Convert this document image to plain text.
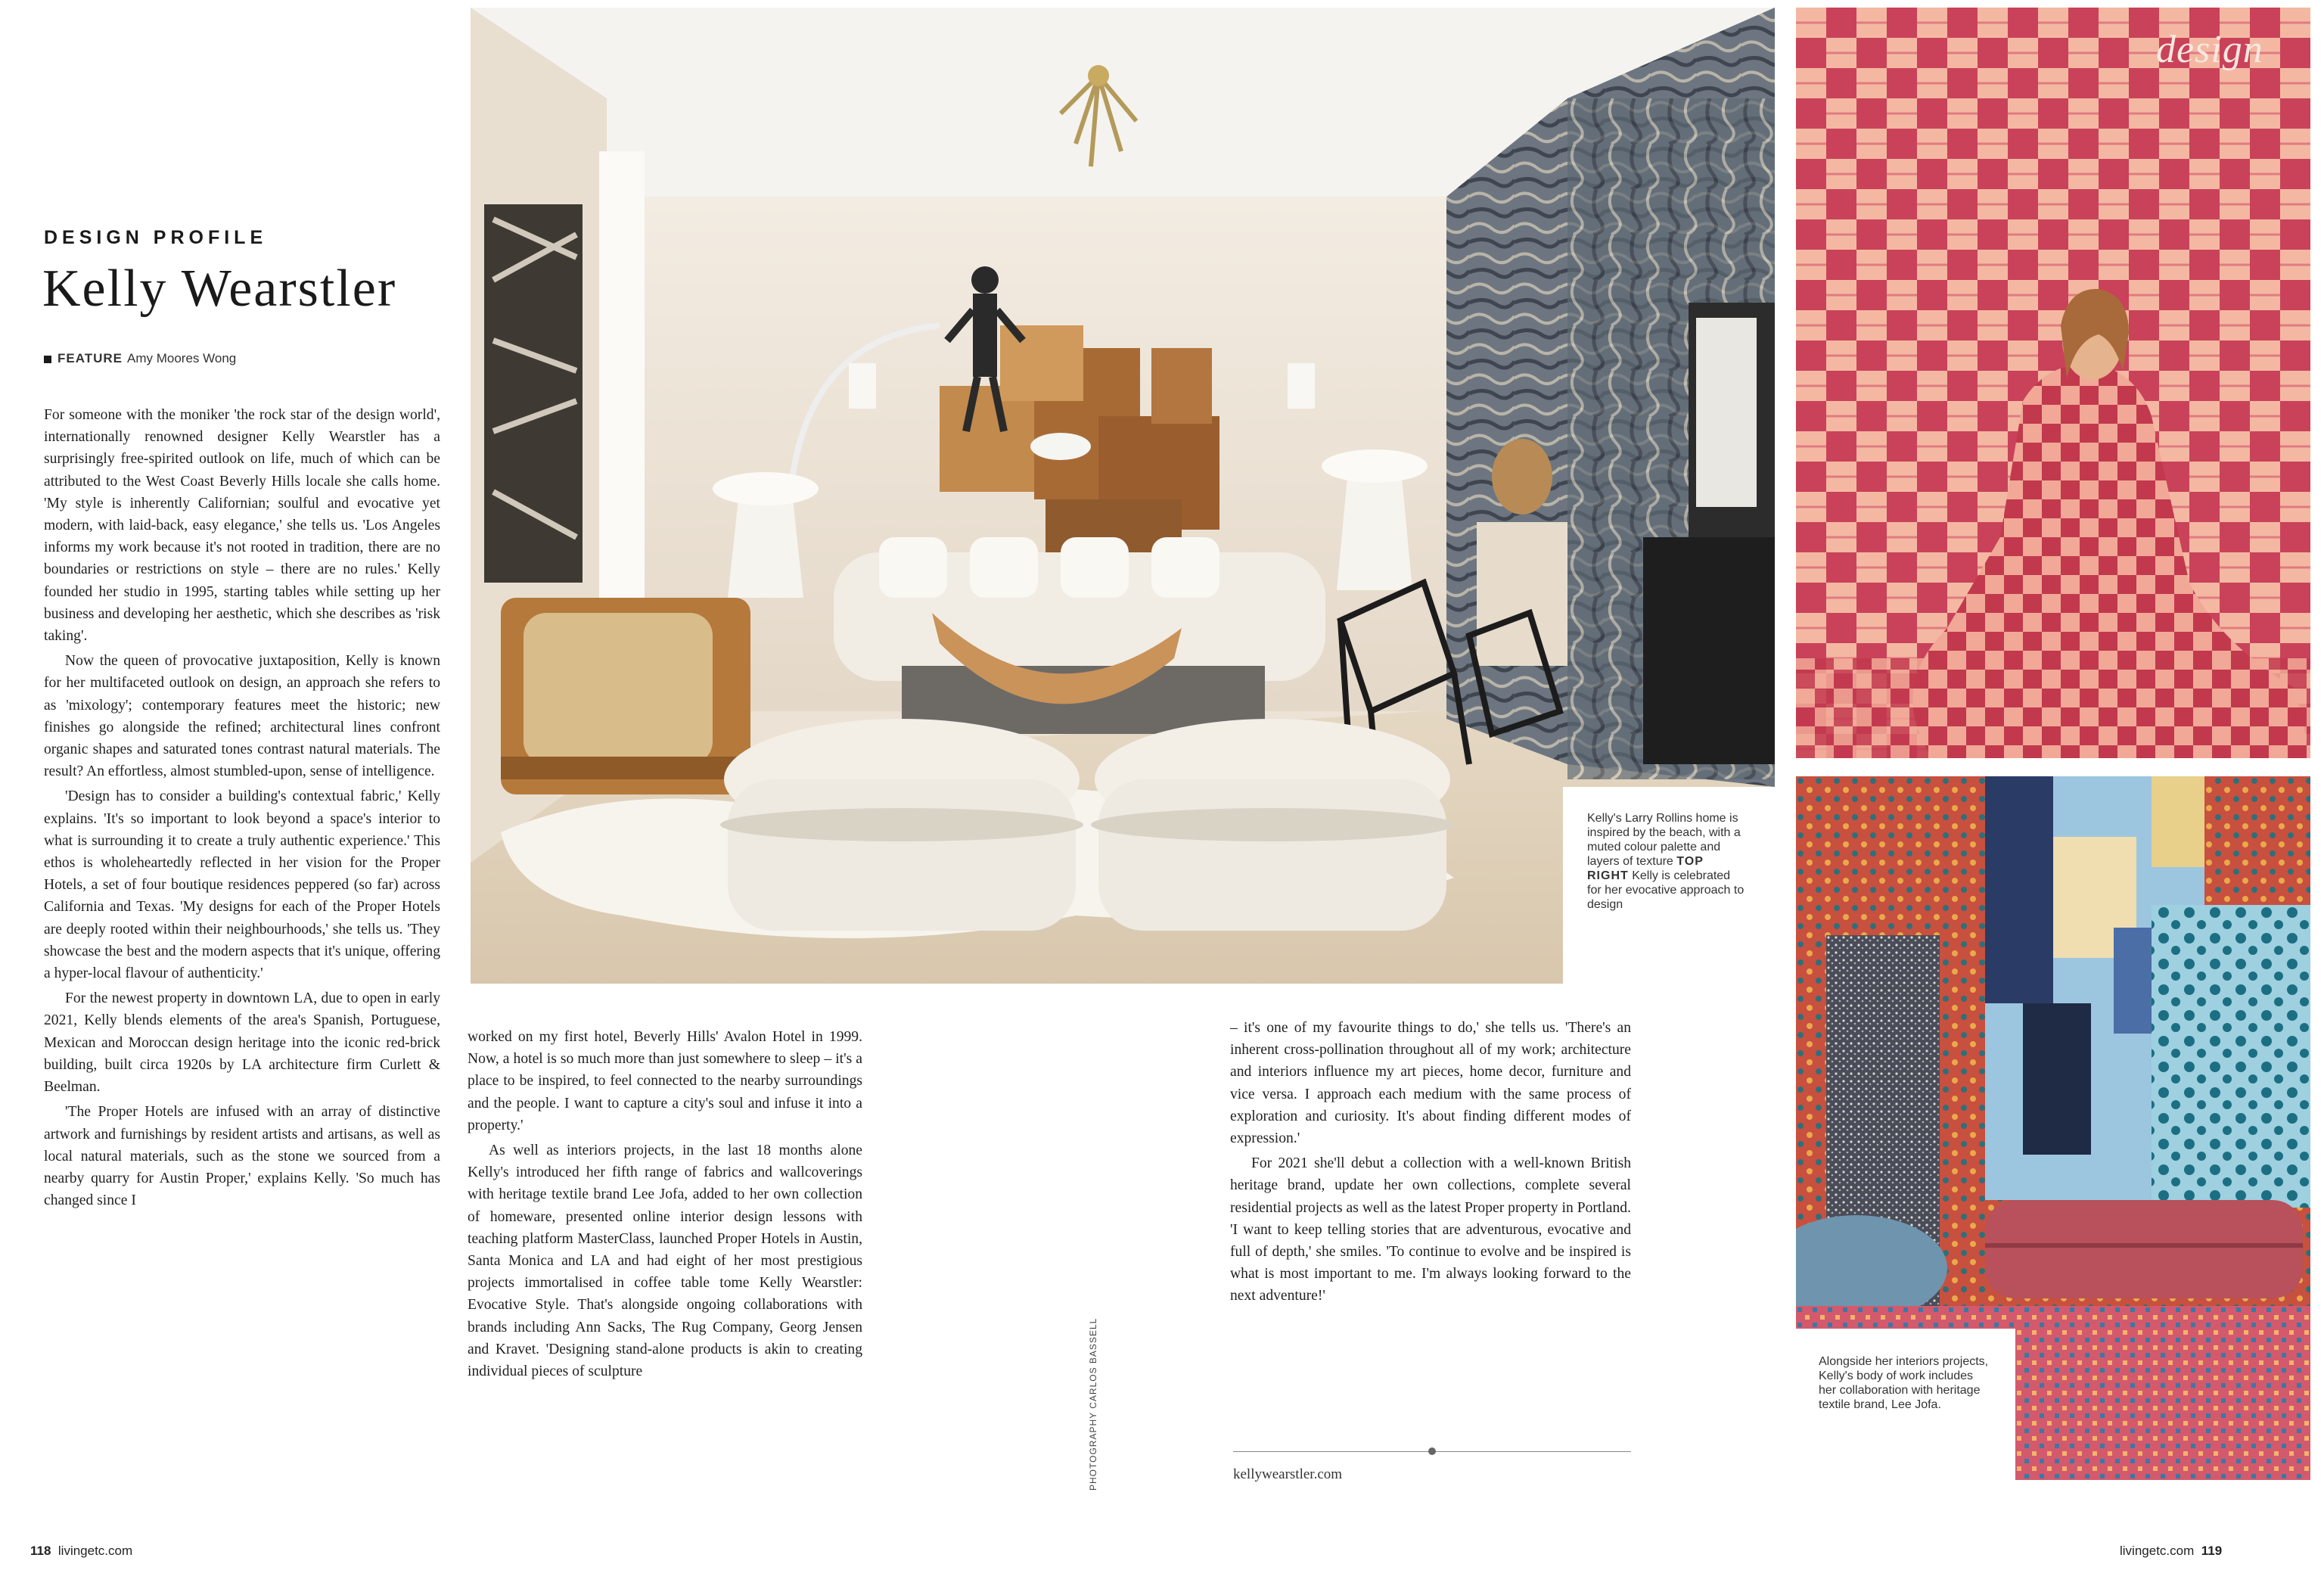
DESIGN PROFILE
Kelly Wearstler
FEATURE Amy Moores Wong

For someone with the moniker 'the rock star of the design world', internationally renowned designer Kelly Wearstler has a surprisingly free-spirited outlook on life, much of which can be attributed to the West Coast Beverly Hills locale she calls home. 'My style is inherently Californian; soulful and evocative yet modern, with laid-back, easy elegance,' she tells us. 'Los Angeles informs my work because it's not rooted in tradition, there are no boundaries or restrictions on style – there are no rules.' Kelly founded her studio in 1995, starting tables while setting up her business and developing her aesthetic, which she describes as 'risk taking'.

Now the queen of provocative juxtaposition, Kelly is known for her multifaceted outlook on design, an approach she refers to as 'mixology'; contemporary features meet the historic; new finishes go alongside the refined; architectural lines confront organic shapes and saturated tones contrast natural materials. The result? An effortless, almost stumbled-upon, sense of intelligence.

'Design has to consider a building's contextual fabric,' Kelly explains. 'It's so important to look beyond a space's interior to what is surrounding it to create a truly authentic experience.' This ethos is wholeheartedly reflected in her vision for the Proper Hotels, a set of four boutique residences peppered (so far) across California and Texas. 'My designs for each of the Proper Hotels are deeply rooted within their neighbourhoods,' she tells us. 'They showcase the best and the modern aspects that it's unique, offering a hyper-local flavour of authenticity.'

For the newest property in downtown LA, due to open in early 2021, Kelly blends elements of the area's Spanish, Portuguese, Mexican and Moroccan design heritage into the iconic red-brick building, built circa 1920s by LA architecture firm Curlett & Beelman.

'The Proper Hotels are infused with an array of distinctive artwork and furnishings by resident artists and artisans, as well as local natural materials, such as the stone we sourced from a nearby quarry for Austin Proper,' explains Kelly. 'So much has changed since I

worked on my first hotel, Beverly Hills' Avalon Hotel in 1999. Now, a hotel is so much more than just somewhere to sleep – it's a place to be inspired, to feel connected to the nearby surroundings and the people. I want to capture a city's soul and infuse it into a property.'

As well as interiors projects, in the last 18 months alone Kelly's introduced her fifth range of fabrics and wallcoverings with heritage textile brand Lee Jofa, added to her own collection of homeware, presented online interior design lessons with teaching platform MasterClass, launched Proper Hotels in Austin, Santa Monica and LA and had eight of her most prestigious projects immortalised in coffee table tome Kelly Wearstler: Evocative Style. That's alongside ongoing collaborations with brands including Ann Sacks, The Rug Company, Georg Jensen and Kravet. 'Designing stand-alone products is akin to creating individual pieces of sculpture	PHOTOGRAPHY CARLOS BASSELL

– it's one of my favourite things to do,' she tells us. 'There's an inherent cross-pollination throughout all of my work; architecture and interiors influence my art pieces, home decor, furniture and vice versa. I approach each medium with the same process of exploration and curiosity. It's about finding different modes of expression.'

For 2021 she'll debut a collection with a well-known British heritage brand, update her own collections, complete several residential projects as well as the latest Proper property in Portland. 'I want to keep telling stories that are adventurous, evocative and full of depth,' she smiles. 'To continue to evolve and be inspired is what is most important to me. I'm always looking forward to the next adventure!'

kellywearstler.com
Kelly's Larry Rollins home is inspired by the beach, with a muted colour palette and layers of texture TOP RIGHT Kelly is celebrated for her evocative approach to design
design
Alongside her interiors projects, Kelly's body of work includes her collaboration with heritage textile brand, Lee Jofa.
118 livingetc.com	livingetc.com 119
